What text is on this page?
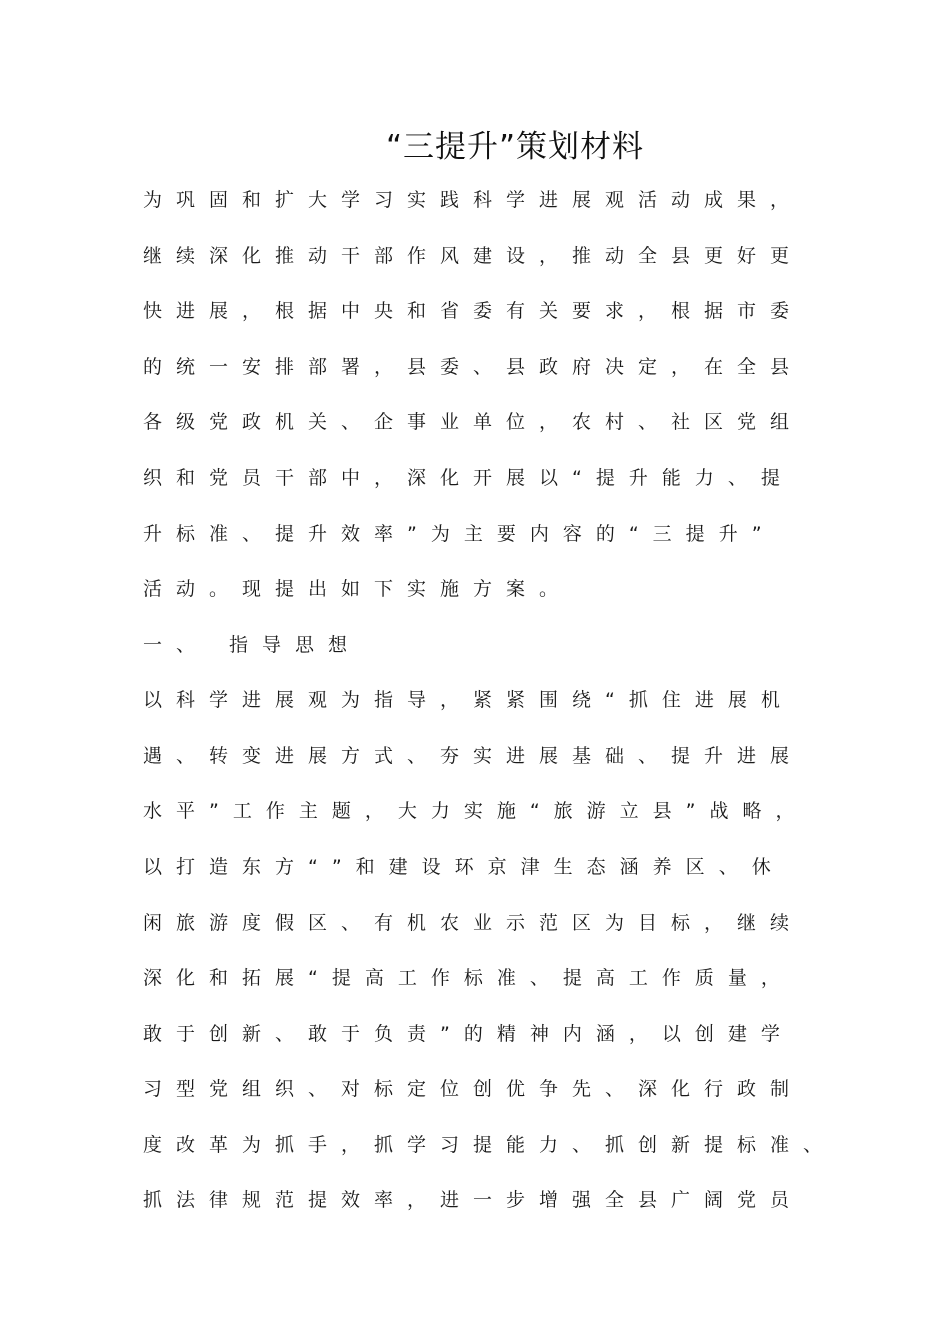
“三提升”策划材料

为巩固和扩大学习实践科学进展观活动成果，

继续深化推动干部作风建设，推动全县更好更

快进展，根据中央和省委有关要求，根据市委

的统一安排部署，县委、县政府决定，在全县

各级党政机关、企事业单位，农村、社区党组

织和党员干部中，深化开展以“提升能力、提

升标准、提升效率”为主要内容的“三提升”

活动。现提出如下实施方案。

一、 指导思想

以科学进展观为指导，紧紧围绕“抓住进展机

遇、转变进展方式、夯实进展基础、提升进展

水平”工作主题，大力实施“旅游立县”战略，

以打造东方“”和建设环京津生态涵养区、休

闲旅游度假区、有机农业示范区为目标，继续

深化和拓展“提高工作标准、提高工作质量，

敢于创新、敢于负责”的精神内涵，以创建学

习型党组织、对标定位创优争先、深化行政制

度改革为抓手，抓学习提能力、抓创新提标准、

抓法律规范提效率，进一步增强全县广阔党员
